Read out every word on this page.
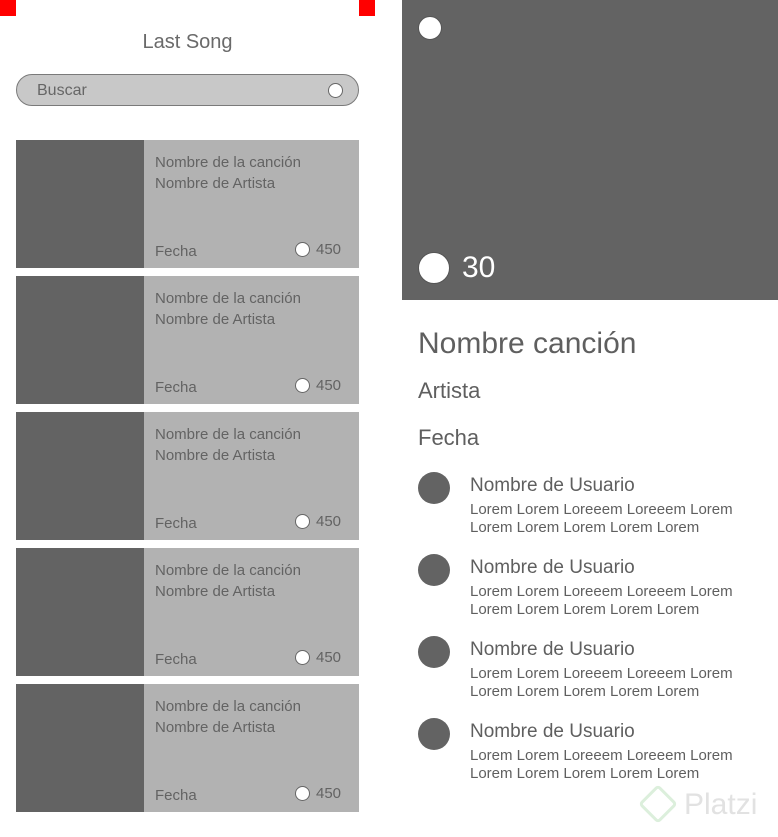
Last Song
Buscar
Nombre de la canción
Nombre de Artista
Fecha	450
Nombre de la canción
Nombre de Artista
Fecha	450
Nombre de la canción
Nombre de Artista
Fecha	450
Nombre de la canción
Nombre de Artista
Fecha	450
Nombre de la canción
Nombre de Artista
Fecha	450
30
Nombre canción
Artista
Fecha
Nombre de Usuario
Lorem Lorem Loreeem Loreeem Lorem Lorem Lorem Lorem Lorem Lorem
Nombre de Usuario
Lorem Lorem Loreeem Loreeem Lorem Lorem Lorem Lorem Lorem Lorem
Nombre de Usuario
Lorem Lorem Loreeem Loreeem Lorem Lorem Lorem Lorem Lorem Lorem
Nombre de Usuario
Lorem Lorem Loreeem Loreeem Lorem Lorem Lorem Lorem Lorem Lorem
Platzi
